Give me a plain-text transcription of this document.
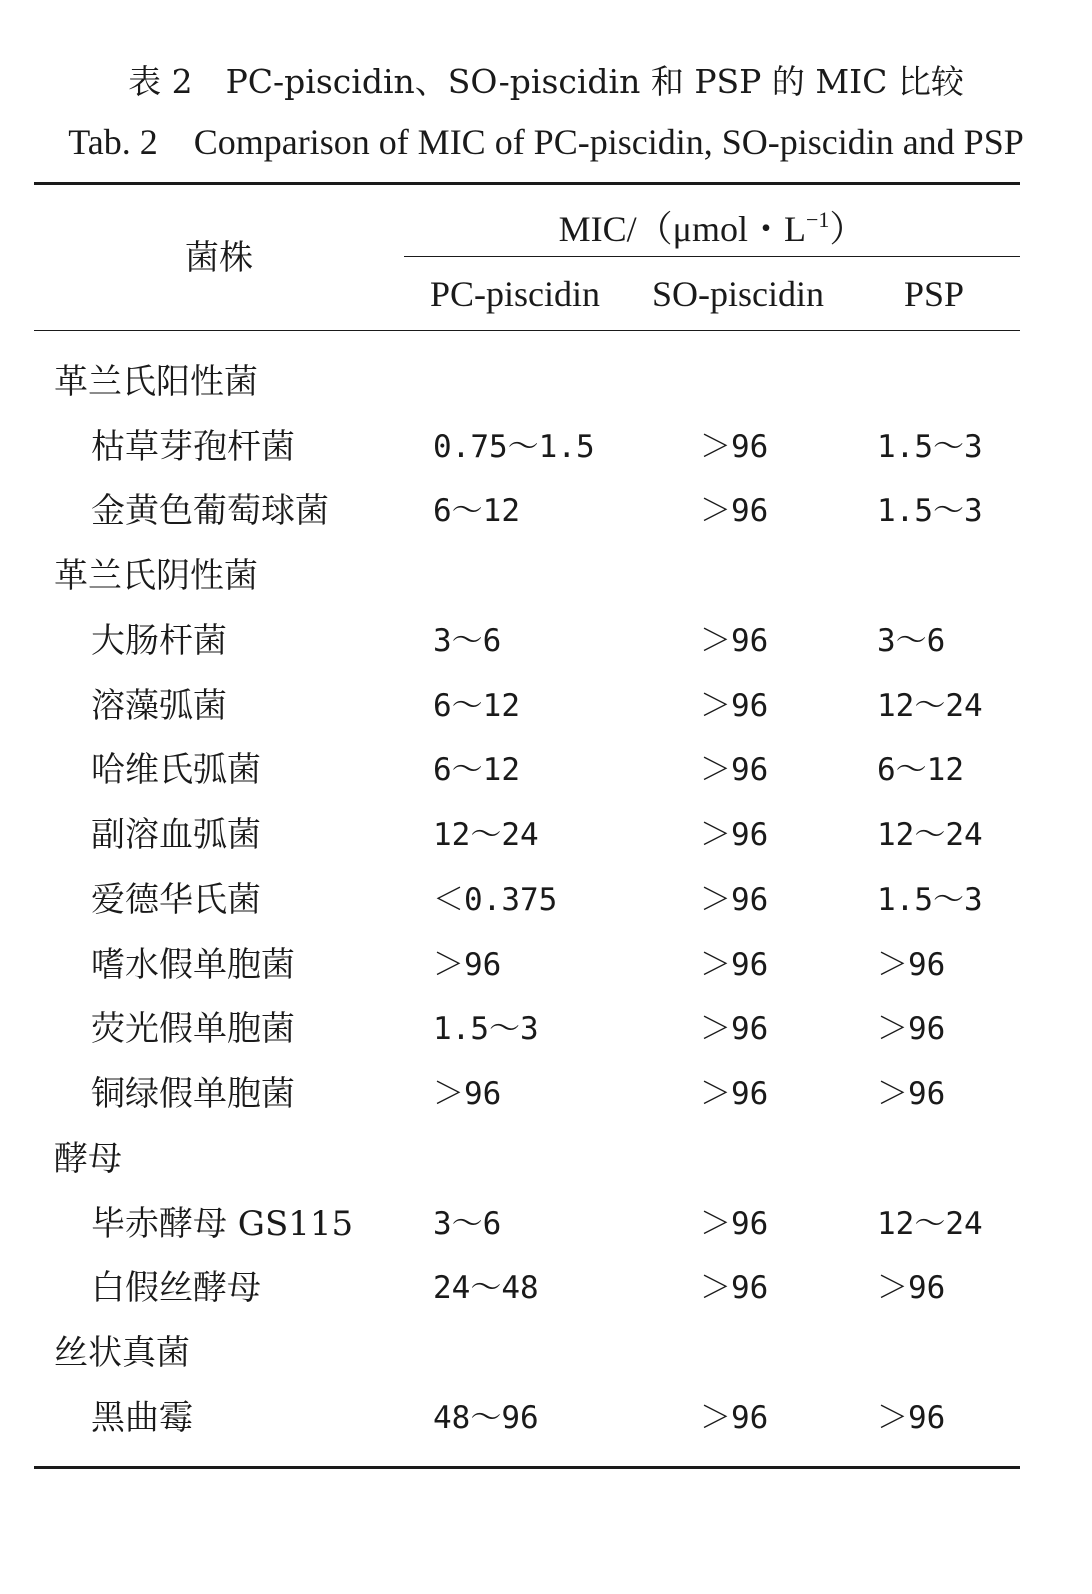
表 2　PC-piscidin、SO-piscidin 和 PSP 的 MIC 比较
Tab. 2　Comparison of MIC of PC-piscidin, SO-piscidin and PSP
菌株
MIC/（μmol・$L^{-1}$）
PC-piscidin SO-piscidin PSP
革兰氏阳性菌
枯草芽孢杆菌	0.75～1.5	＞96	1.5～3
金黄色葡萄球菌	6～12	＞96	1.5～3
革兰氏阴性菌
大肠杆菌	3～6	＞96	3～6
溶藻弧菌	6～12	＞96	12～24
哈维氏弧菌	6～12	＞96	6～12
副溶血弧菌	12～24	＞96	12～24
爱德华氏菌	＜0.375	＞96	1.5～3
嗜水假单胞菌	＞96	＞96	＞96
荧光假单胞菌	1.5～3	＞96	＞96
铜绿假单胞菌	＞96	＞96	＞96
酵母
毕赤酵母 GS115	3～6	＞96	12～24
白假丝酵母	24～48	＞96	＞96
丝状真菌
黑曲霉	48～96	＞96	＞96
